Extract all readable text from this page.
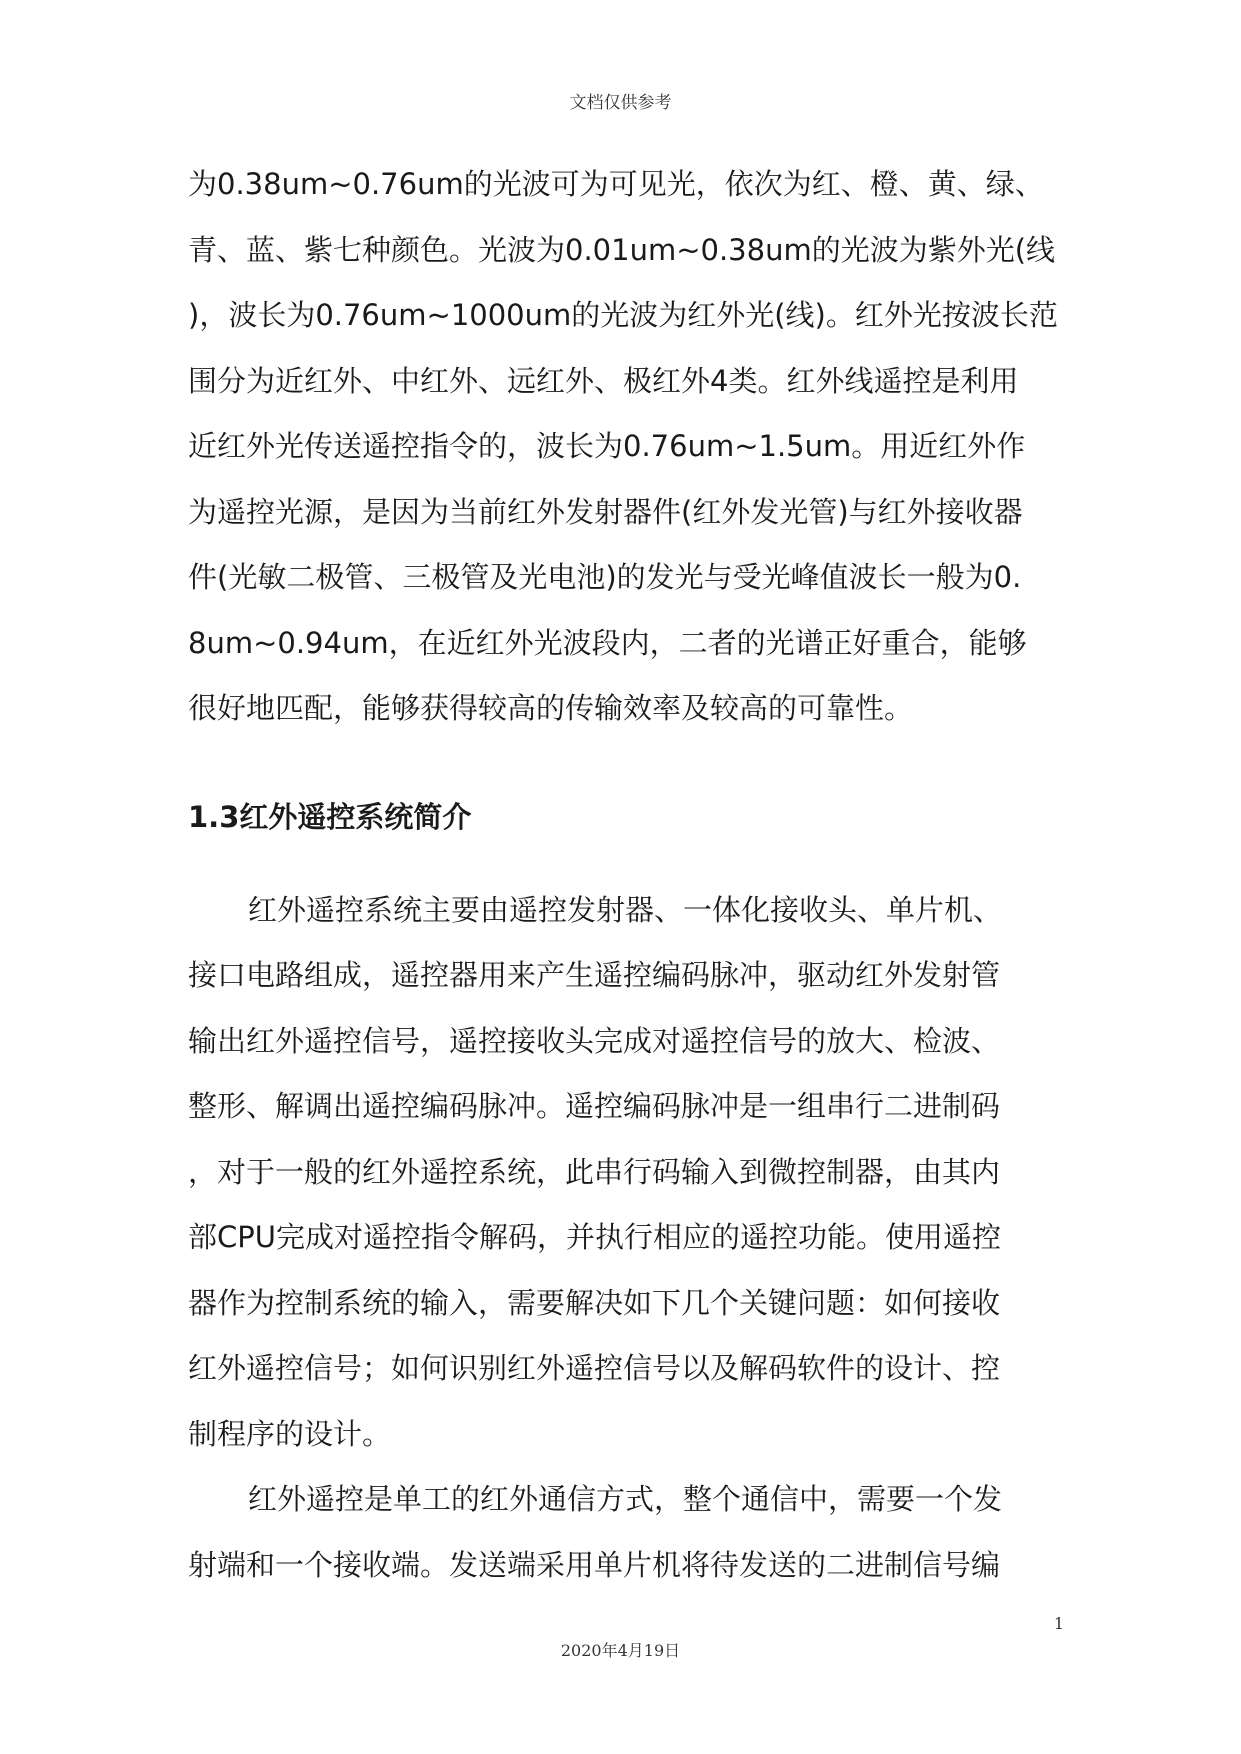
文档仅供参考
为0.38um~0.76um的光波可为可见光，依次为红、橙、黄、绿、
青、蓝、紫七种颜色。光波为0.01um~0.38um的光波为紫外光(线
)，波长为0.76um~1000um的光波为红外光(线)。红外光按波长范
围分为近红外、中红外、远红外、极红外4类。红外线遥控是利用
近红外光传送遥控指令的，波长为0.76um~1.5um。用近红外作
为遥控光源，是因为当前红外发射器件(红外发光管)与红外接收器
件(光敏二极管、三极管及光电池)的发光与受光峰值波长一般为0.
8um~0.94um，在近红外光波段内，二者的光谱正好重合，能够
很好地匹配，能够获得较高的传输效率及较高的可靠性。
1.3红外遥控系统简介
红外遥控系统主要由遥控发射器、一体化接收头、单片机、
接口电路组成，遥控器用来产生遥控编码脉冲，驱动红外发射管
输出红外遥控信号，遥控接收头完成对遥控信号的放大、检波、
整形、解调出遥控编码脉冲。遥控编码脉冲是一组串行二进制码
，对于一般的红外遥控系统，此串行码输入到微控制器，由其内
部CPU完成对遥控指令解码，并执行相应的遥控功能。使用遥控
器作为控制系统的输入，需要解决如下几个关键问题：如何接收
红外遥控信号；如何识别红外遥控信号以及解码软件的设计、控
制程序的设计。
红外遥控是单工的红外通信方式，整个通信中，需要一个发
射端和一个接收端。发送端采用单片机将待发送的二进制信号编
1
2020年4月19日
